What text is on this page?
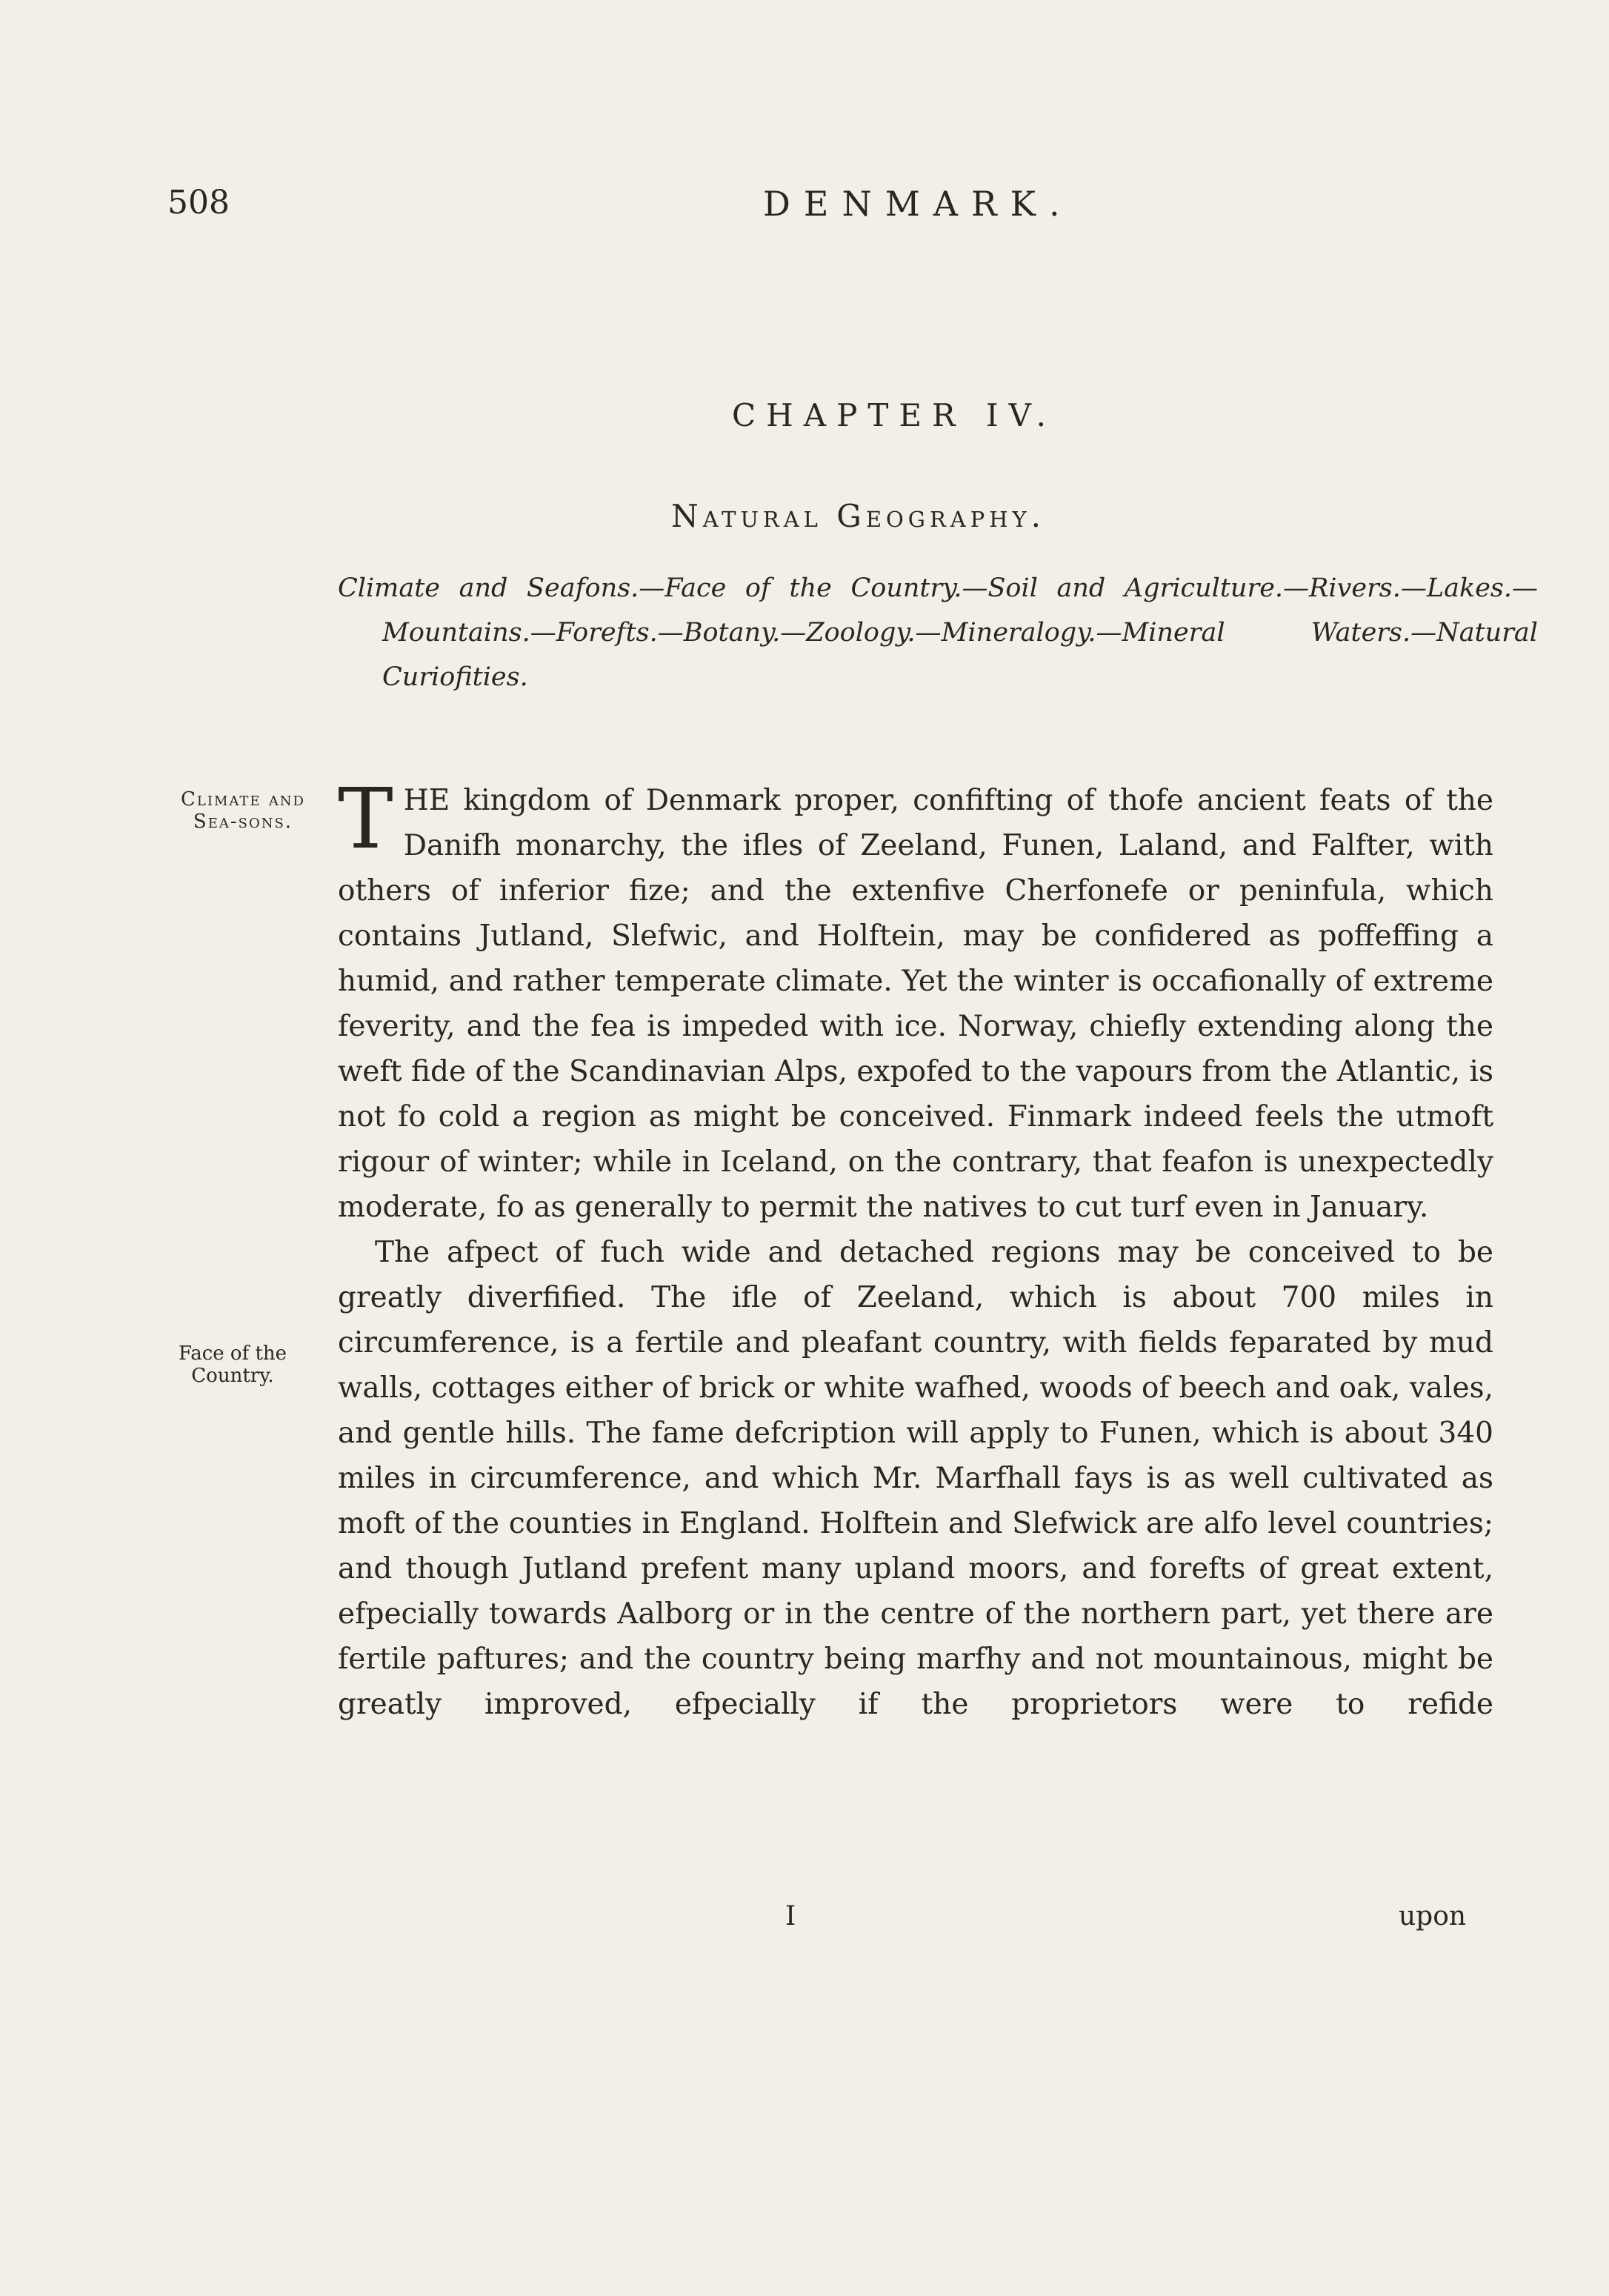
508	DENMARK.
CHAPTER IV.
Natural Geography.
Climate and Seafons.—Face of the Country.—Soil and Agriculture.—Rivers.—Lakes.—Mountains.—Forefts.—Botany.—Zoology.—Mineralogy.—Mineral Waters.—Natural Curiofities.
Climate and Sea-sons.
Face of the Country.

THE kingdom of Denmark proper, confifting of thofe ancient feats of the Danifh monarchy, the ifles of Zeeland, Funen, Laland, and Falfter, with others of inferior fize; and the extenfive Cherfonefe or peninfula, which contains Jutland, Slefwic, and Holftein, may be confidered as poffeffing a humid, and rather temperate climate. Yet the winter is occafionally of extreme feverity, and the fea is impeded with ice. Norway, chiefly extending along the weft fide of the Scandinavian Alps, expofed to the vapours from the Atlantic, is not fo cold a region as might be conceived. Finmark indeed feels the utmoft rigour of winter; while in Iceland, on the contrary, that feafon is unexpectedly moderate, fo as generally to permit the natives to cut turf even in January.

The afpect of fuch wide and detached regions may be conceived to be greatly diverfified. The ifle of Zeeland, which is about 700 miles in circumference, is a fertile and pleafant country, with fields feparated by mud walls, cottages either of brick or white wafhed, woods of beech and oak, vales, and gentle hills. The fame defcription will apply to Funen, which is about 340 miles in circumference, and which Mr. Marfhall fays is as well cultivated as moft of the counties in England. Holftein and Slefwick are alfo level countries; and though Jutland prefent many upland moors, and forefts of great extent, efpecially towards Aalborg or in the centre of the northern part, yet there are fertile paftures; and the country being marfhy and not mountainous, might be greatly improved, efpecially if the proprietors were to refide

I	upon
